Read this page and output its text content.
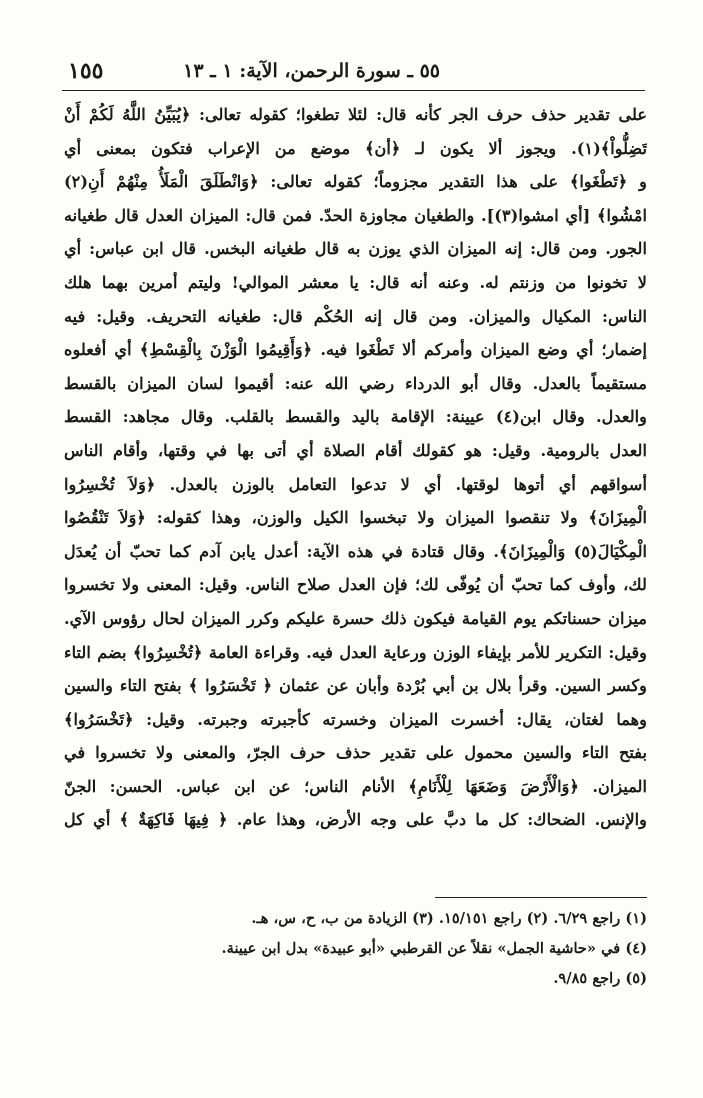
٥٥ ـ سورة الرحمن، الآية: ١ ـ ١٣
١٥٥
على تقدير حذف حرف الجر كأنه قال: لئلا تطغوا؛ كقوله تعالى: ﴿يُبَيِّنُ اللَّهُ لَكُمْ أَنْ
تَضِلُّواْ﴾(١). ويجوز ألا يكون لـ ﴿أن﴾ موضع من الإعراب فتكون بمعنى أي
و ﴿تَطْغَوا﴾ على هذا التقدير مجزوماً؛ كقوله تعالى: ﴿وَانْطَلَقَ الْمَلَأُ مِنْهُمْ أَنِ(٢)
امْشُوا﴾ [أي امشوا(٣)]. والطغيان مجاوزة الحدّ. فمن قال: الميزان العدل قال طغيانه
الجور. ومن قال: إنه الميزان الذي يوزن به قال طغيانه البخس. قال ابن عباس: أي
لا تخونوا من وزنتم له. وعنه أنه قال: يا معشر الموالي! وليتم أمرين بهما هلك
الناس: المكيال والميزان. ومن قال إنه الحُكْم قال: طغيانه التحريف. وقيل: فيه
إضمار؛ أي وضع الميزان وأمركم ألا تَطْغَوا فيه. ﴿وَأَقِيمُوا الْوَزْنَ بِالْقِسْطِ﴾ أي أفعلوه
مستقيماً بالعدل. وقال أبو الدرداء رضي الله عنه: أقيموا لسان الميزان بالقسط
والعدل. وقال ابن(٤) عيينة: الإقامة باليد والقسط بالقلب. وقال مجاهد: القسط
العدل بالرومية. وقيل: هو كقولك أقام الصلاة أي أتى بها في وقتها، وأقام الناس
أسواقهم أي أتوها لوقتها. أي لا تدعوا التعامل بالوزن بالعدل. ﴿وَلاَ تُخْسِرُوا
الْمِيزَانَ﴾ ولا تنقصوا الميزان ولا تبخسوا الكيل والوزن، وهذا كقوله: ﴿وَلاَ تَنْقُصُوا
الْمِكْيَالَ(٥) وَالْمِيزَانَ﴾. وقال قتادة في هذه الآية: أعدل يابن آدم كما تحبّ أن يُعدَل
لك، وأوف كما تحبّ أن يُوفّى لك؛ فإن العدل صلاح الناس. وقيل: المعنى ولا تخسروا
ميزان حسناتكم يوم القيامة فيكون ذلك حسرة عليكم وكرر الميزان لحال رؤوس الآي.
وقيل: التكرير للأمر بإيفاء الوزن ورعاية العدل فيه. وقراءة العامة ﴿تُخْسِرُوا﴾ بضم التاء
وكسر السين. وقرأ بلال بن أبي بُرْدة وأبان عن عثمان ﴿ تَخْسَرُوا ﴾ بفتح التاء والسين
وهما لغتان، يقال: أخسرت الميزان وخسرته كأجبرته وجبرته. وقيل: ﴿تَخْسَرُوا﴾
بفتح التاء والسين محمول على تقدير حذف حرف الجرّ، والمعنى ولا تخسروا في
الميزان. ﴿وَالْأَرْضَ وَضَعَهَا لِلْأَنَامِ﴾ الأنام الناس؛ عن ابن عباس. الحسن: الجنّ
والإنس. الضحاك: كل ما دبَّ على وجه الأرض، وهذا عام. ﴿ فِيهَا فَاكِهَةٌ ﴾ أي كل
(١) راجع ٦/٢٩. (٢) راجع ١٥/١٥١. (٣) الزيادة من ب، ح، س، هـ.
(٤) في «حاشية الجمل» نقلاً عن القرطبي «أبو عبيدة» بدل ابن عيينة.
(٥) راجع ٩/٨٥.
